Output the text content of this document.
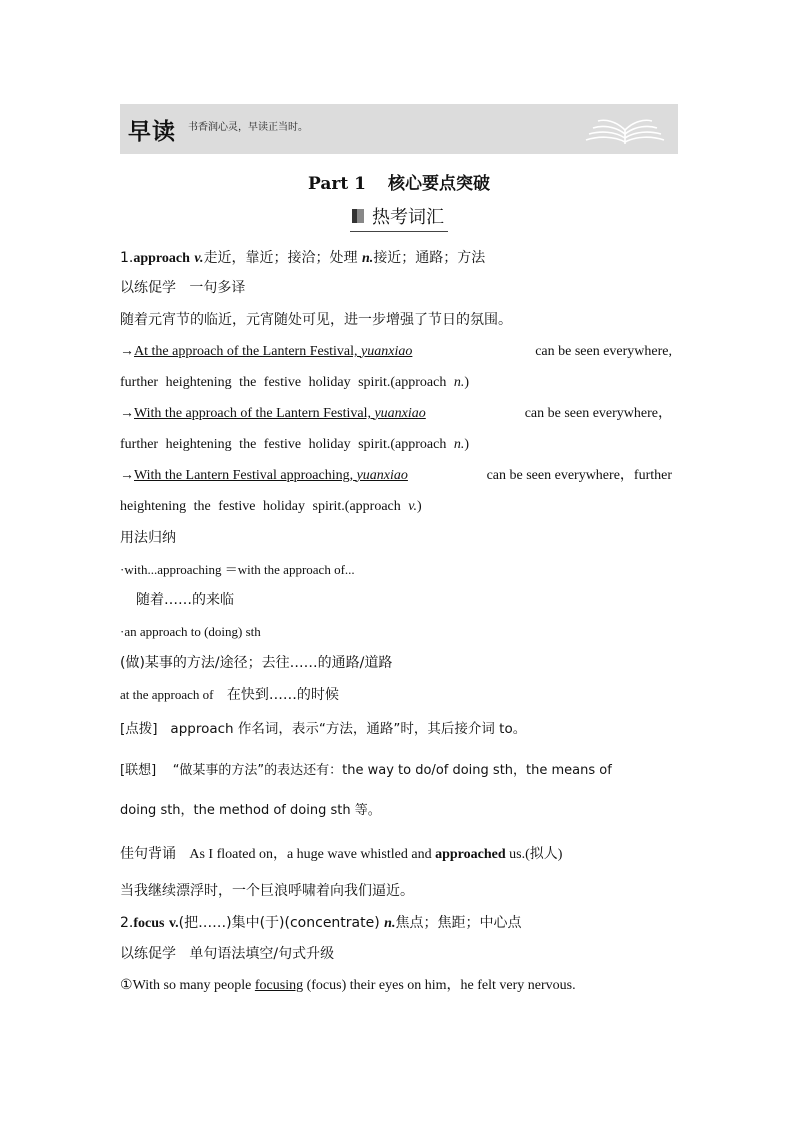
早读 书香润心灵，早读正当时。
Part 1 核心要点突破
热考词汇
1.approach v.走近，靠近；接洽；处理 n.接近；通路；方法
以练促学 一句多译
随着元宵节的临近，元宵随处可见，进一步增强了节日的氛围。
→At the approach of the Lantern Festival, yuanxiao	can be seen everywhere,
further heightening the festive holiday spirit.(approach n.)
→With the approach of the Lantern Festival, yuanxiao	can be seen everywhere，
further heightening the festive holiday spirit.(approach n.)
→With the Lantern Festival approaching, yuanxiao	can be seen everywhere，further
heightening the festive holiday spirit.(approach v.)
用法归纳
·with...approaching ＝with the approach of...
随着……的来临
·an approach to (doing) sth
(做)某事的方法/途径；去往……的通路/道路
at the approach of 在快到……的时候
[点拨] approach 作名词，表示“方法，通路”时，其后接介词 to。
[联想] “做某事的方法”的表达还有：the way to do/of doing sth，the means of
doing sth，the method of doing sth 等。
佳句背诵 As I floated on，a huge wave whistled and approached us.(拟人)
当我继续漂浮时，一个巨浪呼啸着向我们逼近。
2.focus v.(把……)集中(于)(concentrate) n.焦点；焦距；中心点
以练促学 单句语法填空/句式升级
①With so many people focusing (focus) their eyes on him，he felt very nervous.
